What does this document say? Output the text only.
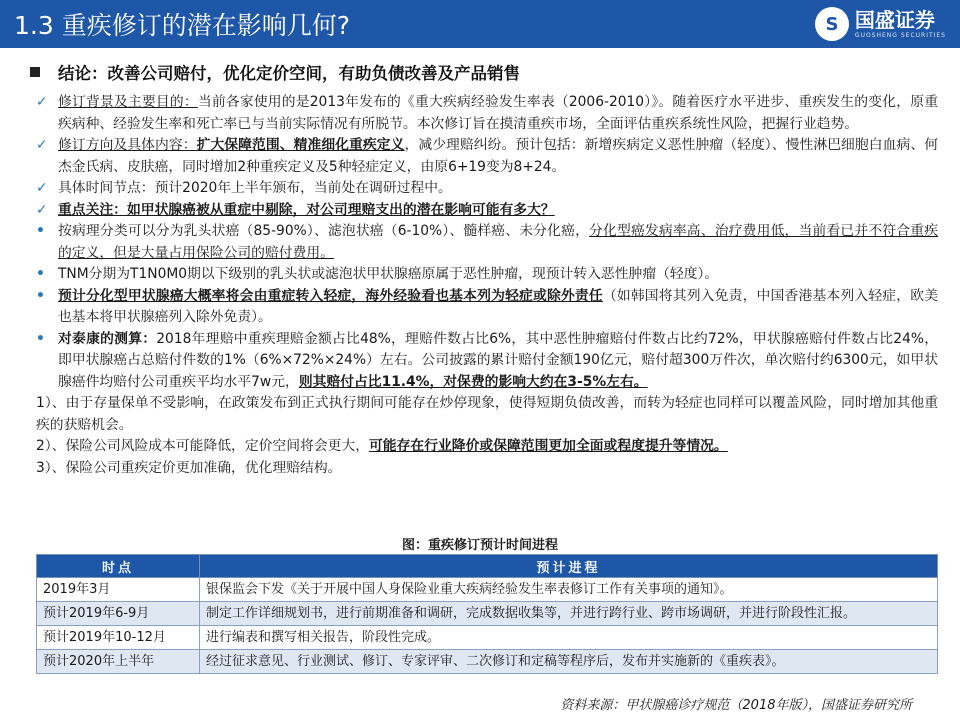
1.3 重疾修订的潜在影响几何?	S 国盛证券
GUOSHENG SECURITIES
结论：改善公司赔付，优化定价空间，有助负债改善及产品销售
✓ 修订背景及主要目的：当前各家使用的是2013年发布的《重大疾病经验发生率表（2006-2010）》。随着医疗水平进步、重疾发生的变化，原重疾病种、经验发生率和死亡率已与当前实际情况有所脱节。本次修订旨在摸清重疾市场，全面评估重疾系统性风险，把握行业趋势。
✓ 修订方向及具体内容：扩大保障范围、精准细化重疾定义，减少理赔纠纷。预计包括：新增疾病定义恶性肿瘤（轻度）、慢性淋巴细胞白血病、何杰金氏病、皮肤癌，同时增加2种重疾定义及5种轻症定义，由原6+19变为8+24。
✓ 具体时间节点：预计2020年上半年颁布，当前处在调研过程中。
✓ 重点关注：如甲状腺癌被从重症中剔除，对公司理赔支出的潜在影响可能有多大？
• 按病理分类可以分为乳头状癌（85-90%）、滤泡状癌（6-10%）、髓样癌、未分化癌，分化型癌发病率高、治疗费用低，当前看已并不符合重疾的定义，但是大量占用保险公司的赔付费用。
• TNM分期为T1N0M0期以下级别的乳头状或滤泡状甲状腺癌原属于恶性肿瘤，现预计转入恶性肿瘤（轻度）。
• 预计分化型甲状腺癌大概率将会由重症转入轻症，海外经验看也基本列为轻症或除外责任（如韩国将其列入免责，中国香港基本列入轻症，欧美也基本将甲状腺癌列入除外免责）。
• 对泰康的测算：2018年理赔中重疾理赔金额占比48%，理赔件数占比6%，其中恶性肿瘤赔付件数占比约72%，甲状腺癌赔付件数占比24%，即甲状腺癌占总赔付件数的1%（6%×72%×24%）左右。公司披露的累计赔付金额190亿元，赔付超300万件次，单次赔付约6300元，如甲状腺癌件均赔付公司重疾平均水平7w元，则其赔付占比11.4%，对保费的影响大约在3-5%左右。
1）、由于存量保单不受影响，在政策发布到正式执行期间可能存在炒停现象，使得短期负债改善，而转为轻症也同样可以覆盖风险，同时增加其他重疾的获赔机会。
2）、保险公司风险成本可能降低，定价空间将会更大，可能存在行业降价或保障范围更加全面或程度提升等情况。
3）、保险公司重疾定价更加准确，优化理赔结构。
图：重疾修订预计时间进程
时点	预计进程
2019年3月	银保监会下发《关于开展中国人身保险业重大疾病经验发生率表修订工作有关事项的通知》。
预计2019年6-9月	制定工作详细规划书，进行前期准备和调研，完成数据收集等，并进行跨行业、跨市场调研，并进行阶段性汇报。
预计2019年10-12月	进行编表和撰写相关报告，阶段性完成。
预计2020年上半年	经过征求意见、行业测试、修订、专家评审、二次修订和定稿等程序后，发布并实施新的《重疾表》。
资料来源：甲状腺癌诊疗规范（2018年版），国盛证券研究所
